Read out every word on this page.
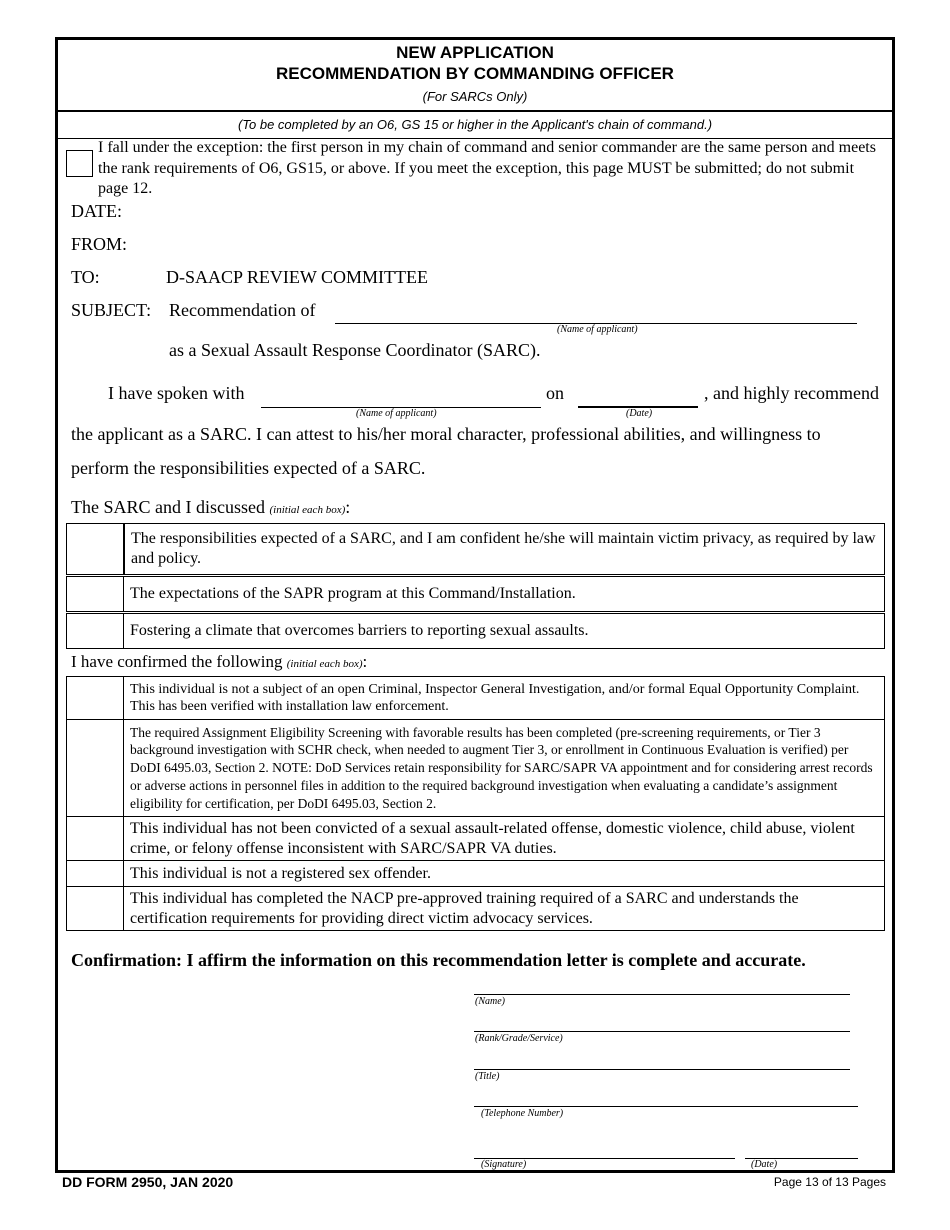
NEW APPLICATION
RECOMMENDATION BY COMMANDING OFFICER
(For SARCs Only)
(To be completed by an O6, GS 15 or higher in the Applicant's chain of command.)
I fall under the exception: the first person in my chain of command and senior commander are the same person and meets the rank requirements of O6, GS15, or above. If you meet the exception, this page MUST be submitted; do not submit page 12.
DATE:
FROM:
TO:	D-SAACP REVIEW COMMITTEE
SUBJECT: Recommendation of
(Name of applicant)
as a Sexual Assault Response Coordinator (SARC).
I have spoken with
(Name of applicant)
on
(Date)
, and highly recommend
the applicant as a SARC. I can attest to his/her moral character, professional abilities, and willingness to
perform the responsibilities expected of a SARC.
The SARC and I discussed (initial each box):
	The responsibilities expected of a SARC, and I am confident he/she will maintain victim privacy, as required by law and policy.
	The expectations of the SAPR program at this Command/Installation.
	Fostering a climate that overcomes barriers to reporting sexual assaults.
I have confirmed the following (initial each box):
	This individual is not a subject of an open Criminal, Inspector General Investigation, and/or formal Equal Opportunity Complaint. This has been verified with installation law enforcement.
	The required Assignment Eligibility Screening with favorable results has been completed (pre-screening requirements, or Tier 3 background investigation with SCHR check, when needed to augment Tier 3, or enrollment in Continuous Evaluation is verified) per DoDI 6495.03, Section 2. NOTE: DoD Services retain responsibility for SARC/SAPR VA appointment and for considering arrest records or adverse actions in personnel files in addition to the required background investigation when evaluating a candidate’s assignment eligibility for certification, per DoDI 6495.03, Section 2.
	This individual has not been convicted of a sexual assault-related offense, domestic violence, child abuse, violent crime, or felony offense inconsistent with SARC/SAPR VA duties.
	This individual is not a registered sex offender.
	This individual has completed the NACP pre-approved training required of a SARC and understands the certification requirements for providing direct victim advocacy services.
Confirmation: I affirm the information on this recommendation letter is complete and accurate.
(Name)
(Rank/Grade/Service)
(Title)
(Telephone Number)
(Signature)	(Date)
DD FORM 2950, JAN 2020	Page 13 of 13 Pages
